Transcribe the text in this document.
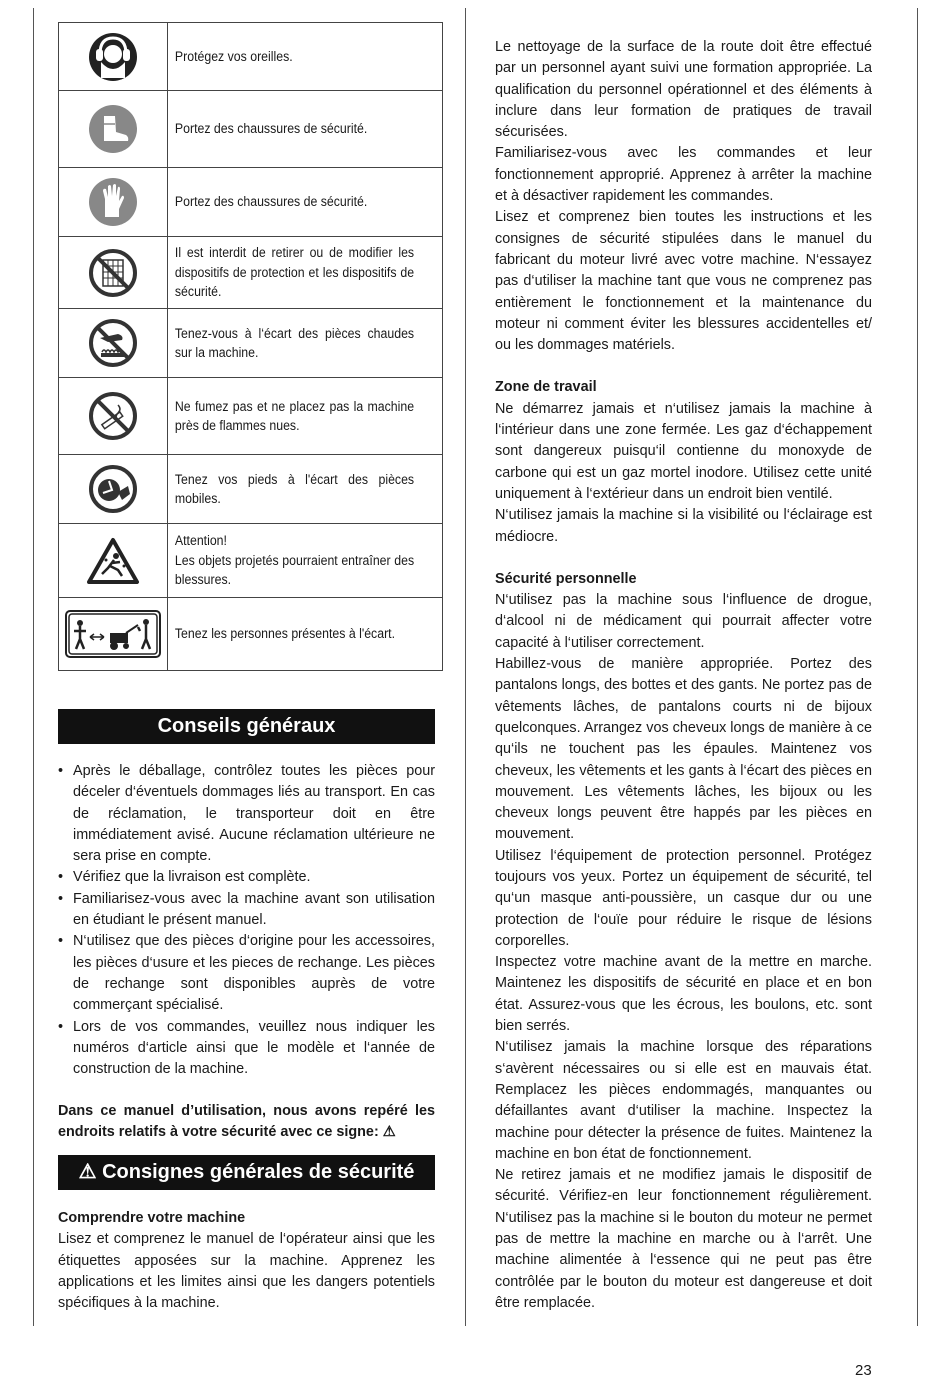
	Protégez vos oreilles.

	Portez des chaussures de sécurité.

	Portez des chaussures de sécurité.

	Il est interdit de retirer ou de modifier les dispositifs de protection et les dispositifs de sécurité.

	Tenez-vous à l‘écart des pièces chaudes sur la machine.

	Ne fumez pas et ne placez pas la machine près de flammes nues.

	Tenez vos pieds à l'écart des pièces mobiles.

	Attention!
Les objets projetés pourraient entraîner des blessures.

	Tenez les personnes présentes à l'écart.
Conseils généraux
• Après le déballage, contrôlez toutes les pièces pour déceler d‘éventuels dommages liés au transport. En cas de réclamation, le transporteur doit en être immédiatement avisé. Aucune réclamation ultérieure ne sera prise en compte.
• Vérifiez que la livraison est complète.
• Familiarisez-vous avec la machine avant son utilisation en étudiant le présent manuel.
• N‘utilisez que des pièces d‘origine pour les accessoires, les pièces d‘usure et les pieces de rechange. Les pièces de rechange sont disponibles auprès de votre commerçant spécialisé.
• Lors de vos commandes, veuillez nous indiquer les numéros d‘article ainsi que le modèle et l‘année de construction de la machine.
Dans ce manuel d’utilisation, nous avons repéré les endroits relatifs à votre sécurité avec ce signe: ⚠
⚠ Consignes générales de sécurité
Comprendre votre machine
Lisez et comprenez le manuel de l‘opérateur ainsi que les étiquettes apposées sur la machine. Apprenez les applications et les limites ainsi que les dangers potentiels spécifiques à la machine.

Le nettoyage de la surface de la route doit être effectué par un personnel ayant suivi une formation appropriée. La qualification du personnel opérationnel et des éléments à inclure dans leur formation de pratiques de travail sécurisées.

Familiarisez-vous avec les commandes et leur fonctionnement approprié. Apprenez à arrêter la machine et à désactiver rapidement les commandes.

Lisez et comprenez bien toutes les instructions et les consignes de sécurité stipulées dans le manuel du fabricant du moteur livré avec votre machine. N‘essayez pas d‘utiliser la machine tant que vous ne comprenez pas entièrement le fonctionnement et la maintenance du moteur ni comment éviter les blessures accidentelles et/ ou les dommages matériels.

Zone de travail

Ne démarrez jamais et n‘utilisez jamais la machine à l‘intérieur dans une zone fermée. Les gaz d‘échappement sont dangereux puisqu‘il contienne du monoxyde de carbone qui est un gaz mortel inodore. Utilisez cette unité uniquement à l‘extérieur dans un endroit bien ventilé.

N‘utilisez jamais la machine si la visibilité ou l‘éclairage est médiocre.

Sécurité personnelle

N‘utilisez pas la machine sous l‘influence de drogue, d‘alcool ni de médicament qui pourrait affecter votre capacité à l‘utiliser correctement.

Habillez-vous de manière appropriée. Portez des pantalons longs, des bottes et des gants. Ne portez pas de vêtements lâches, de pantalons courts ni de bijoux quelconques. Arrangez vos cheveux longs de manière à ce qu‘ils ne touchent pas les épaules. Maintenez vos cheveux, les vêtements et les gants à l‘écart des pièces en mouvement. Les vêtements lâches, les bijoux ou les cheveux longs peuvent être happés par les pièces en mouvement.

Utilisez l‘équipement de protection personnel. Protégez toujours vos yeux. Portez un équipement de sécurité, tel qu‘un masque anti-poussière, un casque dur ou une protection de l‘ouïe pour réduire le risque de lésions corporelles.

Inspectez votre machine avant de la mettre en marche. Maintenez les dispositifs de sécurité en place et en bon état. Assurez-vous que les écrous, les boulons, etc. sont bien serrés.

N‘utilisez jamais la machine lorsque des réparations s‘avèrent nécessaires ou si elle est en mauvais état. Remplacez les pièces endommagés, manquantes ou défaillantes avant d‘utiliser la machine. Inspectez la machine pour détecter la présence de fuites. Maintenez la machine en bon état de fonctionnement.

Ne retirez jamais et ne modifiez jamais le dispositif de sécurité. Vérifiez-en leur fonctionnement régulièrement. N‘utilisez pas la machine si le bouton du moteur ne permet pas de mettre la machine en marche ou à l‘arrêt. Une machine alimentée à l‘essence qui ne peut pas être contrôlée par le bouton du moteur est dangereuse et doit être remplacée.

23
